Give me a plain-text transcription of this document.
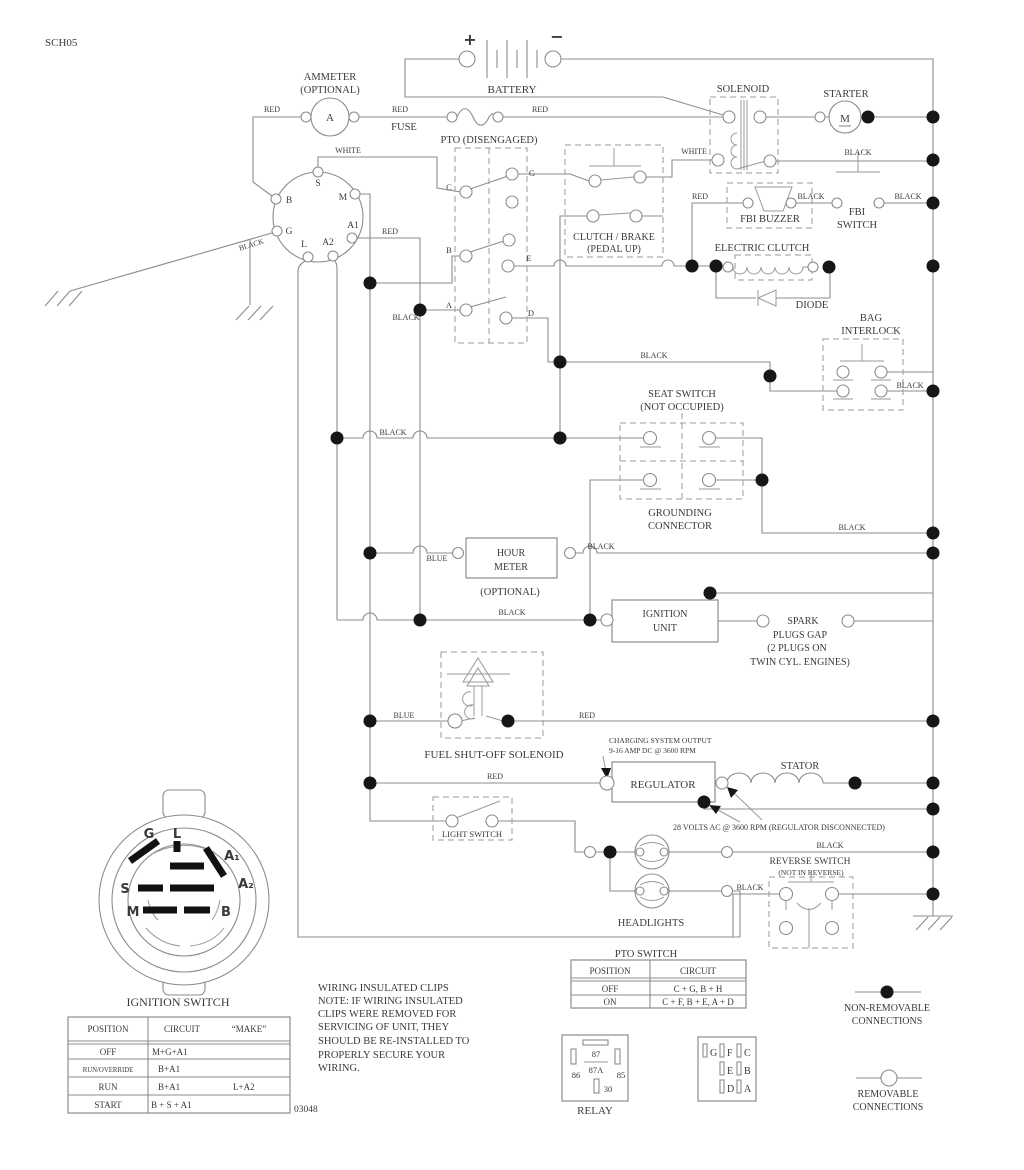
SCH05
AMMETER
(OPTIONAL)
A
BATTERY
+	−
FUSE
RED	RED	RED
PTO (DISENGAGED)
WHITE
SOLENOID	STARTER
M
WHITE	BLACK
FBI BUZZER
FBI
SWITCH
RED	BLACK	BLACK
S
M
B
G
L A2
A1
BLACK
RED
C
G
B
E
A
D
BLACK
CLUTCH / BRAKE
(PEDAL UP)	ELECTRIC CLUTCH
DIODE
BAG
INTERLOCK
BLACK
BLACK
SEAT SWITCH
(NOT OCCUPIED)
GROUNDING
CONNECTOR
BLACK
BLACK
BLUE	HOUR
METER
(OPTIONAL)
BLACK
BLACK	IGNITION
UNIT
SPARK
PLUGS GAP
(2 PLUGS ON
TWIN CYL. ENGINES)
FUEL SHUT-OFF SOLENOID
BLUE	RED
CHARGING SYSTEM OUTPUT
9-16 AMP DC @ 3600 RPM
REGULATOR
STATOR
RED
28 VOLTS AC @ 3600 RPM (REGULATOR DISCONNECTED)
LIGHT SWITCH
HEADLIGHTS
BLACK
REVERSE SWITCH
(NOT IN REVERSE)
BLACK
PTO SWITCH
POSITION	CIRCUIT
OFF	C + G, B + H
ON	C + F, B + E, A + D
IGNITION SWITCH
POSITION	CIRCUIT	“MAKE”
OFF	M+G+A1
RUN/OVERRIDE	B+A1
RUN	B+A1	L+A2
START	B + S + A1
WIRING INSULATED CLIPS
NOTE: IF WIRING INSULATED
CLIPS WERE REMOVED FOR
SERVICING OF UNIT, THEY
SHOULD BE RE-INSTALLED TO
PROPERLY SECURE YOUR
WIRING.
03048
87
87A
86	85
30
RELAY
G F C
E B
D A
NON-REMOVABLE
CONNECTIONS
REMOVABLE
CONNECTIONS
G L
A₁
A₂
S
M	B
